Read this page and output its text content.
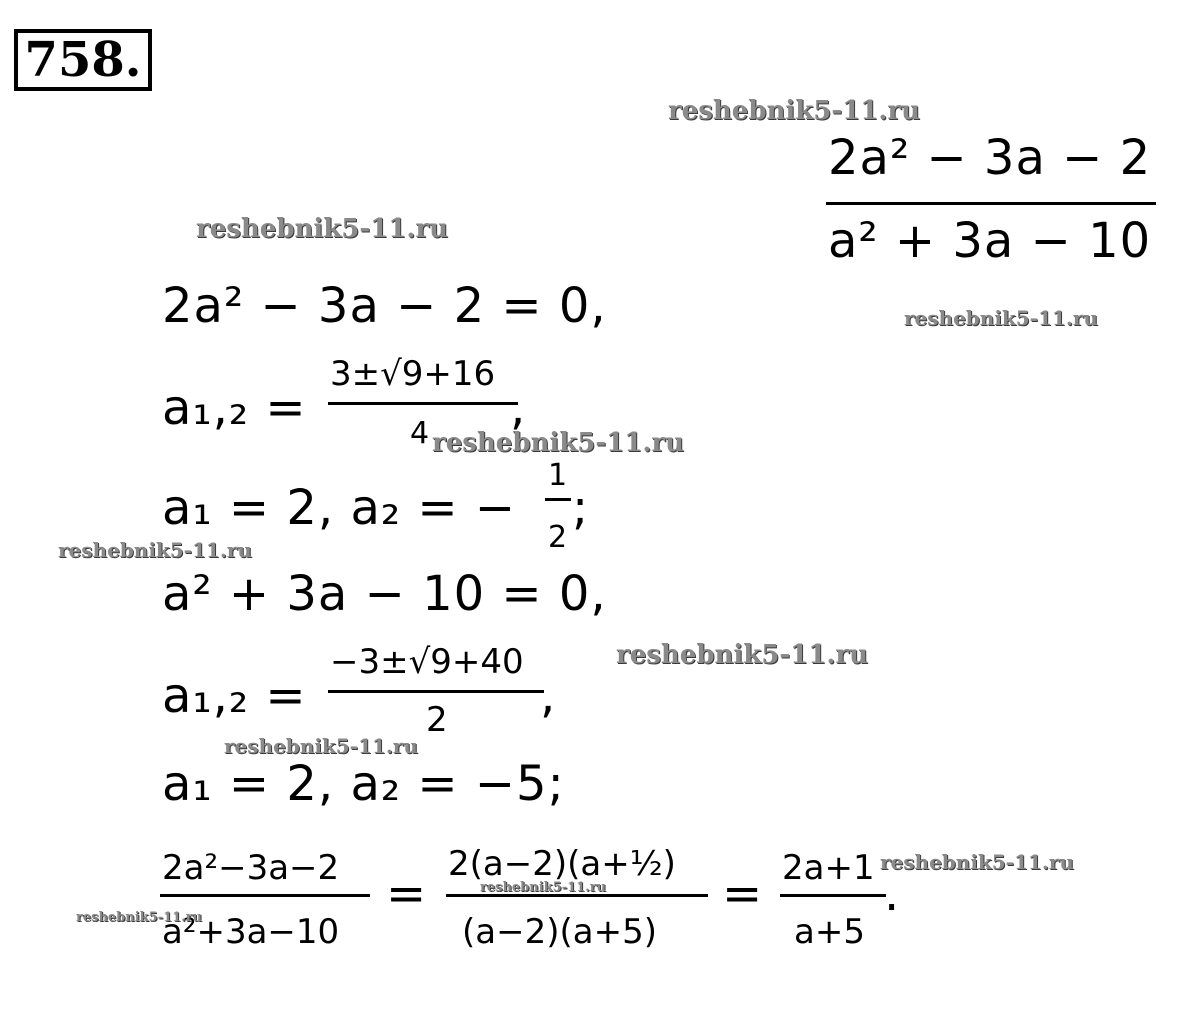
758.
2a² − 3a − 2
a² + 3a − 10
2a² − 3a − 2 = 0,
a₁,₂ =
3±√9+16
4 ,
a₁ = 2, a₂ = −
1
2
;
a² + 3a − 10 = 0,
a₁,₂ =
−3±√9+40
2 ,
a₁ = 2, a₂ = −5;
2a²−3a−2
a²+3a−10
=
2(a−2)(a+½)
(a−2)(a+5)
= 2a+1
a+5
.
reshebnik5-11.ru
reshebnik5-11.ru
reshebnik5-11.ru
reshebnik5-11.ru
reshebnik5-11.ru
reshebnik5-11.ru
reshebnik5-11.ru
reshebnik5-11.ru
reshebnik5-11.ru
reshebnik5-11.ru
